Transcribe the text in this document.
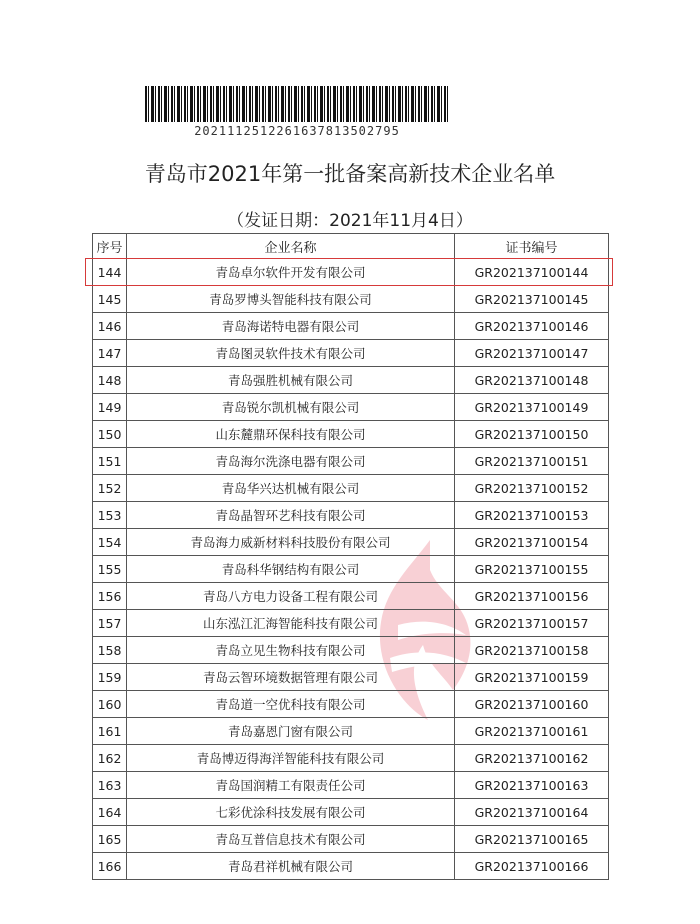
202111251226163781350279​5
青岛市2021年第一批备案高新技术企业名单
（发证日期：2021年11月4日）
序号	企业名称	证书编号
144	青岛卓尔软件开发有限公司	GR202137100144
145	青岛罗博头智能科技有限公司	GR202137100145
146	青岛海诺特电器有限公司	GR202137100146
147	青岛图灵软件技术有限公司	GR202137100147
148	青岛强胜机械有限公司	GR202137100148
149	青岛锐尔凯机械有限公司	GR202137100149
150	山东麓鼎环保科技有限公司	GR202137100150
151	青岛海尔洗涤电器有限公司	GR202137100151
152	青岛华兴达机械有限公司	GR202137100152
153	青岛晶智环艺科技有限公司	GR202137100153
154	青岛海力威新材料科技股份有限公司	GR202137100154
155	青岛科华钢结构有限公司	GR202137100155
156	青岛八方电力设备工程有限公司	GR202137100156
157	山东泓江汇海智能科技有限公司	GR202137100157
158	青岛立见生物科技有限公司	GR202137100158
159	青岛云智环境数据管理有限公司	GR202137100159
160	青岛道一空优科技有限公司	GR202137100160
161	青岛嘉恩门窗有限公司	GR202137100161
162	青岛博迈得海洋智能科技有限公司	GR202137100162
163	青岛国润精工有限责任公司	GR202137100163
164	七彩优涂科技发展有限公司	GR202137100164
165	青岛互普信息技术有限公司	GR202137100165
166	青岛君祥机械有限公司	GR202137100166
